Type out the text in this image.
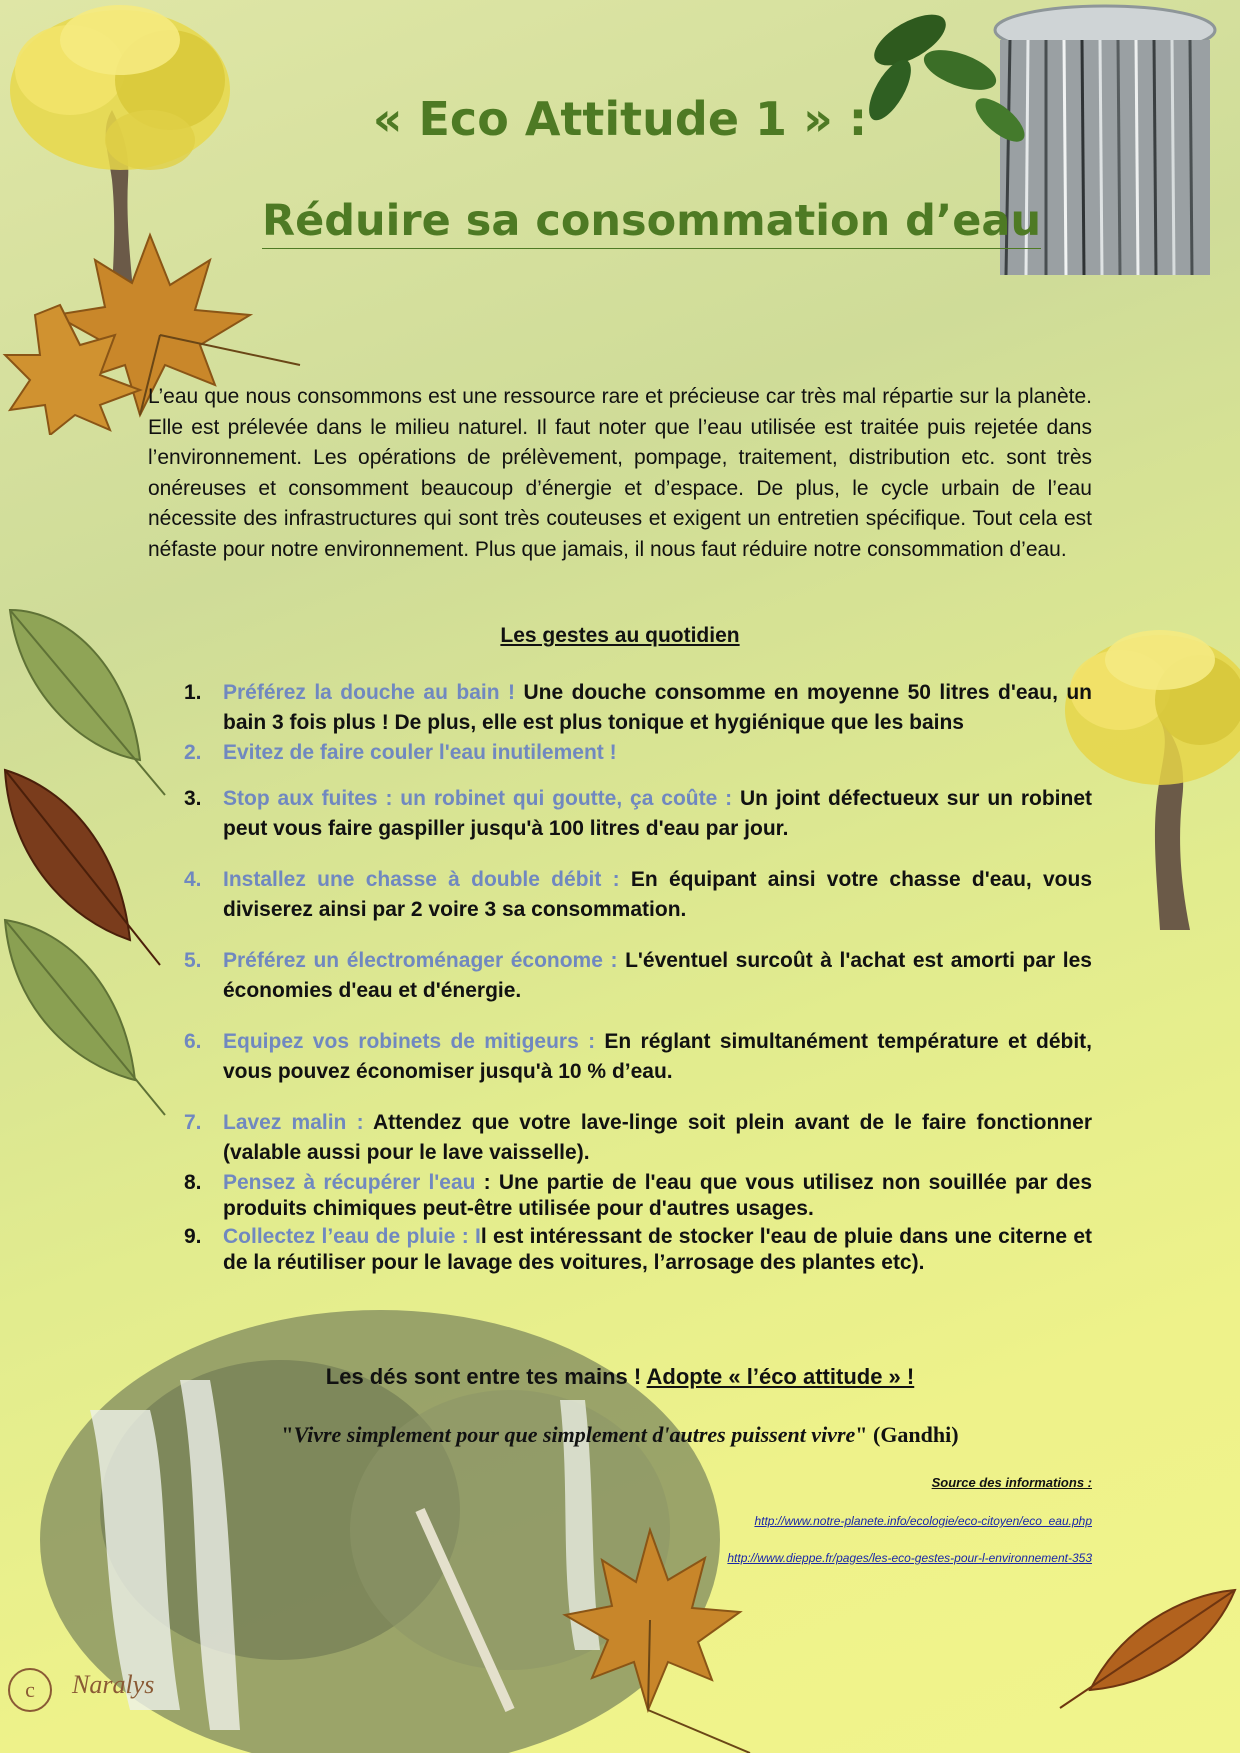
« Eco Attitude 1 » :
Réduire sa consommation d’eau

L’eau que nous consommons est une ressource rare et précieuse car très mal répartie sur la planète. Elle est prélevée dans le milieu naturel. Il faut noter que l’eau utilisée est traitée puis rejetée dans l’environnement. Les opérations de prélèvement, pompage, traitement, distribution etc. sont très onéreuses et consomment beaucoup d’énergie et d’espace. De plus, le cycle urbain de l’eau nécessite des infrastructures qui sont très couteuses et exigent un entretien spécifique. Tout cela est néfaste pour notre environnement. Plus que jamais, il nous faut réduire notre consommation d’eau.

Les gestes au quotidien
1. Préférez la douche au bain ! Une douche consomme en moyenne 50 litres d'eau, un bain 3 fois plus ! De plus, elle est plus tonique et hygiénique que les bains
2. Evitez de faire couler l'eau inutilement !
3. Stop aux fuites : un robinet qui goutte, ça coûte : Un joint défectueux sur un robinet peut vous faire gaspiller jusqu'à 100 litres d'eau par jour.
4. Installez une chasse à double débit : En équipant ainsi votre chasse d'eau, vous diviserez ainsi par 2 voire 3 sa consommation.
5. Préférez un électroménager économe : L'éventuel surcoût à l'achat est amorti par les économies d'eau et d'énergie.
6. Equipez vos robinets de mitigeurs : En réglant simultanément température et débit, vous pouvez économiser jusqu'à 10 % d’eau.
7. Lavez malin : Attendez que votre lave-linge soit plein avant de le faire fonctionner (valable aussi pour le lave vaisselle).
8. Pensez à récupérer l'eau : Une partie de l'eau que vous utilisez non souillée par des produits chimiques peut-être utilisée pour d'autres usages.
9. Collectez l’eau de pluie : Il est intéressant de stocker l'eau de pluie dans une citerne et de la réutiliser pour le lavage des voitures, l’arrosage des plantes etc).

Les dés sont entre tes mains ! Adopte « l’éco attitude » !

"Vivre simplement pour que simplement d'autres puissent vivre" (Gandhi)

Source des informations :

http://www.notre-planete.info/ecologie/eco-citoyen/eco_eau.php
http://www.dieppe.fr/pages/les-eco-gestes-pour-l-environnement-353
c	Naralys
